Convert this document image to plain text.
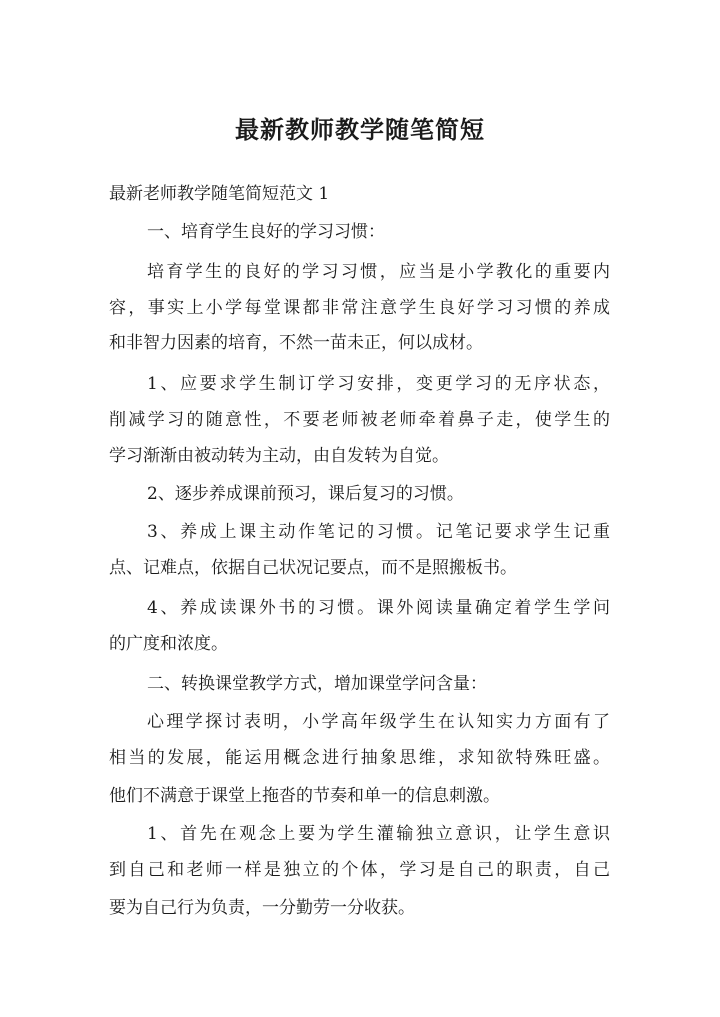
最新教师教学随笔简短
最新老师教学随笔简短范文 1
一、培育学生良好的学习习惯：
培育学生的良好的学习习惯，应当是小学教化的重要内
容，事实上小学每堂课都非常注意学生良好学习习惯的养成
和非智力因素的培育，不然一苗未正，何以成材。
1、应要求学生制订学习安排，变更学习的无序状态，
削减学习的随意性，不要老师被老师牵着鼻子走，使学生的
学习渐渐由被动转为主动，由自发转为自觉。
2、逐步养成课前预习，课后复习的习惯。
3、养成上课主动作笔记的习惯。记笔记要求学生记重
点、记难点，依据自己状况记要点，而不是照搬板书。
4、养成读课外书的习惯。课外阅读量确定着学生学问
的广度和浓度。
二、转换课堂教学方式，增加课堂学问含量：
心理学探讨表明，小学高年级学生在认知实力方面有了
相当的发展，能运用概念进行抽象思维，求知欲特殊旺盛。
他们不满意于课堂上拖沓的节奏和单一的信息刺激。
1、首先在观念上要为学生灌输独立意识，让学生意识
到自己和老师一样是独立的个体，学习是自己的职责，自己
要为自己行为负责，一分勤劳一分收获。
